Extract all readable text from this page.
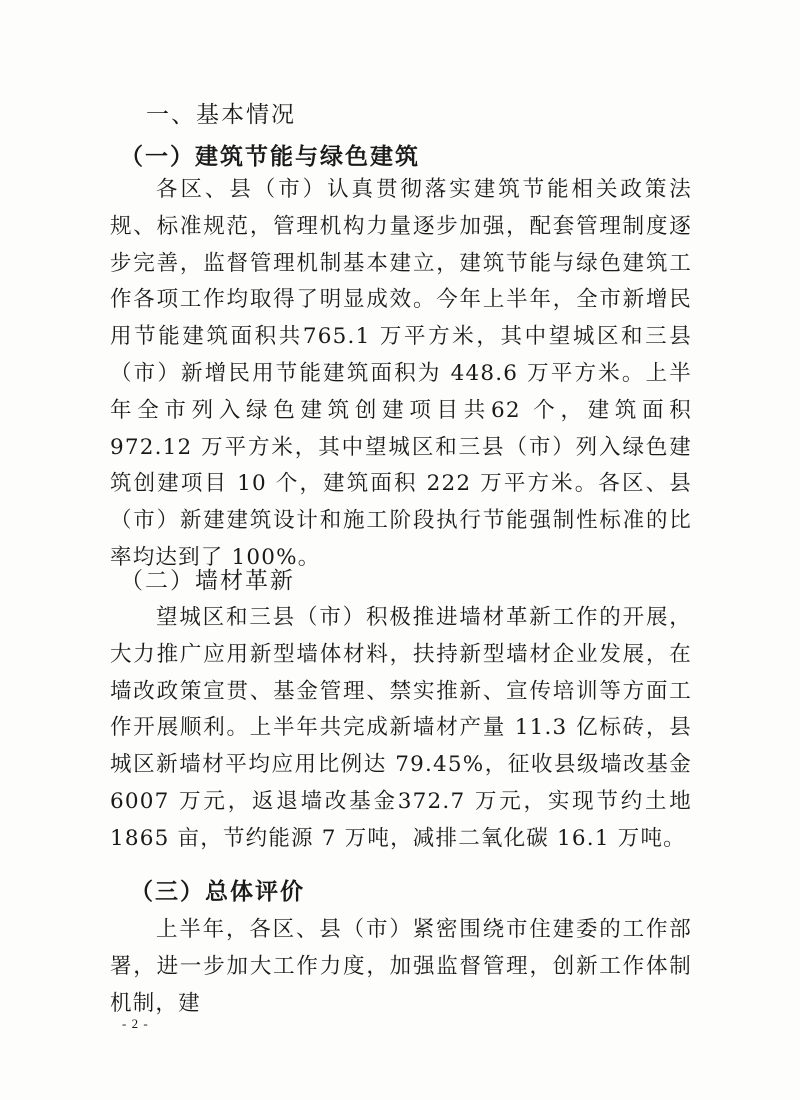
一、基本情况
（一）建筑节能与绿色建筑

各区、县（市）认真贯彻落实建筑节能相关政策法规、标准规范，管理机构力量逐步加强，配套管理制度逐步完善，监督管理机制基本建立，建筑节能与绿色建筑工作各项工作均取得了明显成效。今年上半年，全市新增民用节能建筑面积共765.1 万平方米，其中望城区和三县（市）新增民用节能建筑面积为 448.6 万平方米。上半年全市列入绿色建筑创建项目共62 个，建筑面积 972.12 万平方米，其中望城区和三县（市）列入绿色建筑创建项目 10 个，建筑面积 222 万平方米。各区、县（市）新建建筑设计和施工阶段执行节能强制性标准的比率均达到了 100%。

（二）墙材革新

望城区和三县（市）积极推进墙材革新工作的开展，大力推广应用新型墙体材料，扶持新型墙材企业发展，在墙改政策宣贯、基金管理、禁实推新、宣传培训等方面工作开展顺利。上半年共完成新墙材产量 11.3 亿标砖，县城区新墙材平均应用比例达 79.45%，征收县级墙改基金 6007 万元，返退墙改基金372.7 万元，实现节约土地 1865 亩，节约能源 7 万吨，减排二氧化碳 16.1 万吨。

（三）总体评价

上半年，各区、县（市）紧密围绕市住建委的工作部署，进一步加大工作力度，加强监督管理，创新工作体制机制，建

- 2 -
